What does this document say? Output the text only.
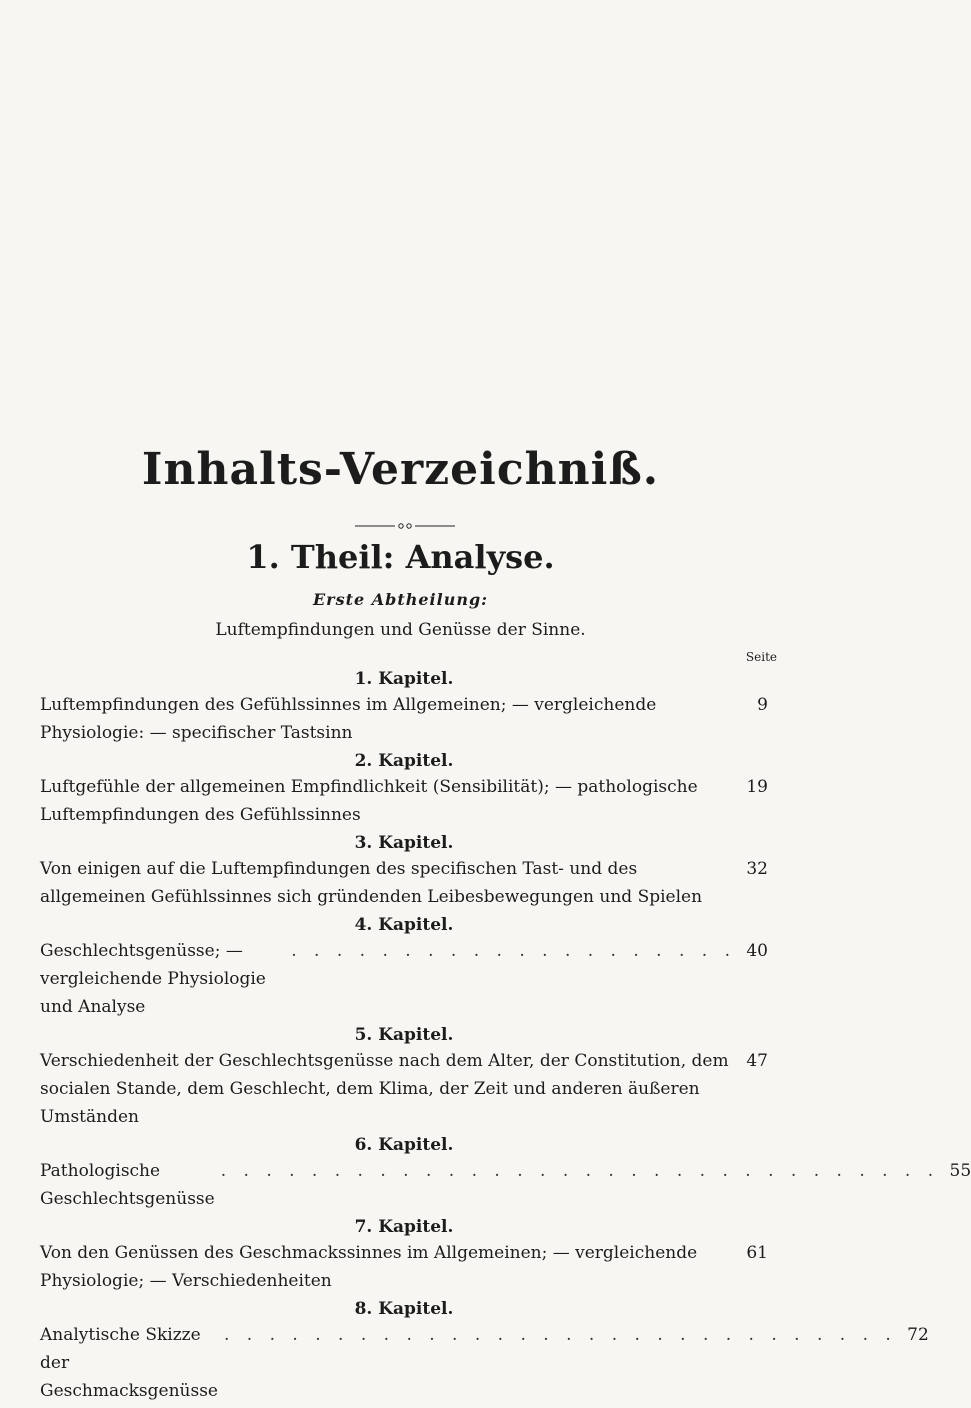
Inhalts-Verzeichniß.
1. Theil: Analyse.
Erste Abtheilung:
Luftempfindungen und Genüsse der Sinne.
Seite
1. Kapitel.
Luftempfindungen des Gefühlssinnes im Allgemeinen; — vergleichende Physiologie: — specifischer Tastsinn
9
2. Kapitel.
Luftgefühle der allgemeinen Empfindlichkeit (Sensibilität); — pathologische Luftempfindungen des Gefühlssinnes
19
3. Kapitel.
Von einigen auf die Luftempfindungen des specifischen Tast- und des allgemeinen Gefühlssinnes sich gründenden Leibesbewegungen und Spielen
32
4. Kapitel.
Geschlechtsgenüsse; — vergleichende Physiologie und Analyse
. . . . . . . . . . . . . . . . . . . . 40
5. Kapitel.
Verschiedenheit der Geschlechtsgenüsse nach dem Alter, der Constitution, dem socialen Stande, dem Geschlecht, dem Klima, der Zeit und anderen äußeren Umständen
47
6. Kapitel.
Pathologische Geschlechtsgenüsse
. . . . . . . . . . . . . . . . . . . . . . . . . . . . . . . . 55
7. Kapitel.
Von den Genüssen des Geschmackssinnes im Allgemeinen; — vergleichende Physiologie; — Verschiedenheiten
61
8. Kapitel.
Analytische Skizze der Geschmacksgenüsse
. . . . . . . . . . . . . . . . . . . . . . . . . . . . . . 72
